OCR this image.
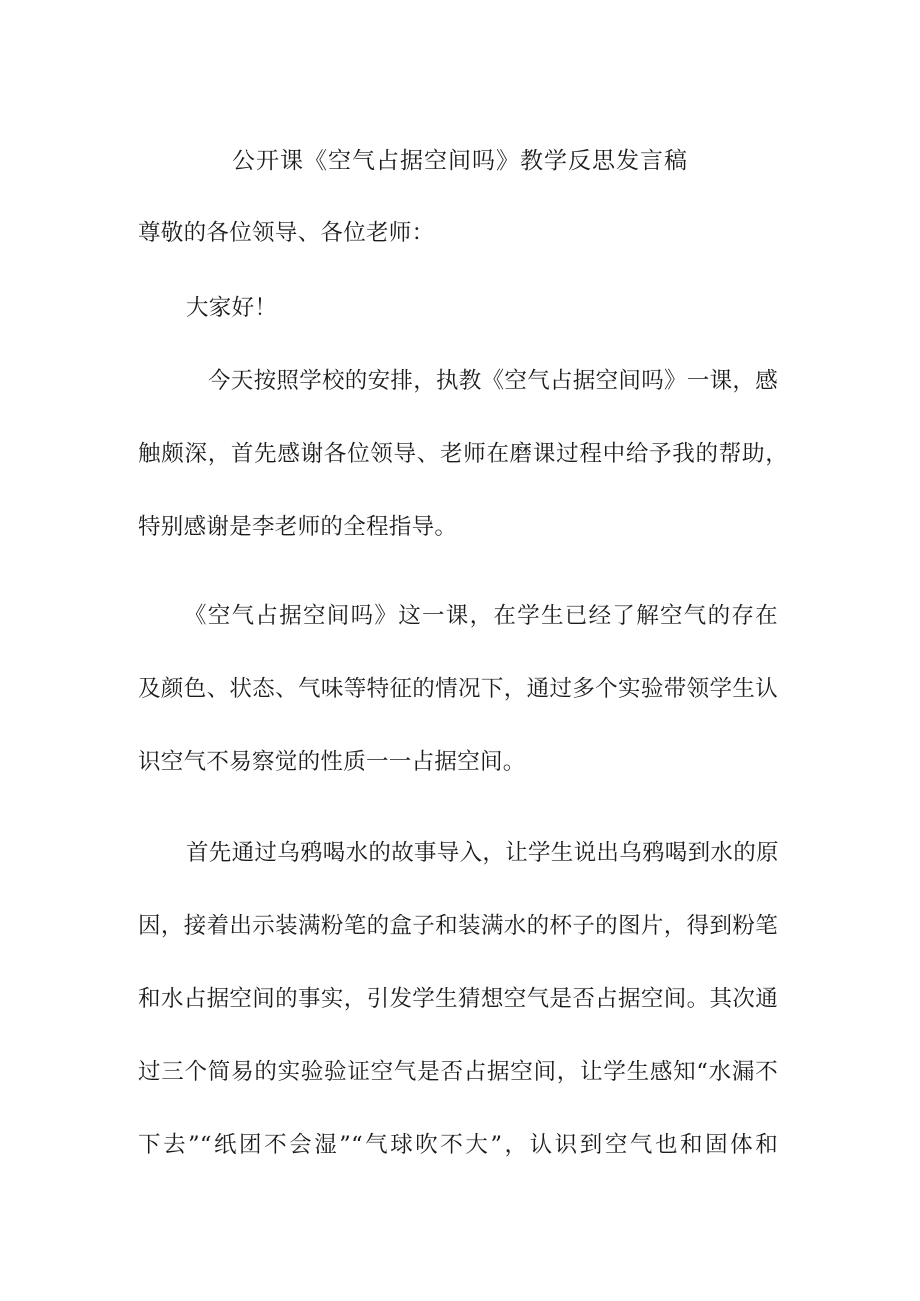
公开课《空气占据空间吗》教学反思发言稿
尊敬的各位领导、各位老师：
大家好！
今天按照学校的安排，执教《空气占据空间吗》一课，感
触颇深，首先感谢各位领导、老师在磨课过程中给予我的帮助，
特别感谢是李老师的全程指导。
《空气占据空间吗》这一课，在学生已经了解空气的存在
及颜色、状态、气味等特征的情况下，通过多个实验带领学生认
识空气不易察觉的性质一一占据空间。
首先通过乌鸦喝水的故事导入，让学生说出乌鸦喝到水的原
因，接着出示装满粉笔的盒子和装满水的杯子的图片，得到粉笔
和水占据空间的事实，引发学生猜想空气是否占据空间。其次通
过三个简易的实验验证空气是否占据空间，让学生感知“水漏不
下去”“纸团不会湿”“气球吹不大”，认识到空气也和固体和
